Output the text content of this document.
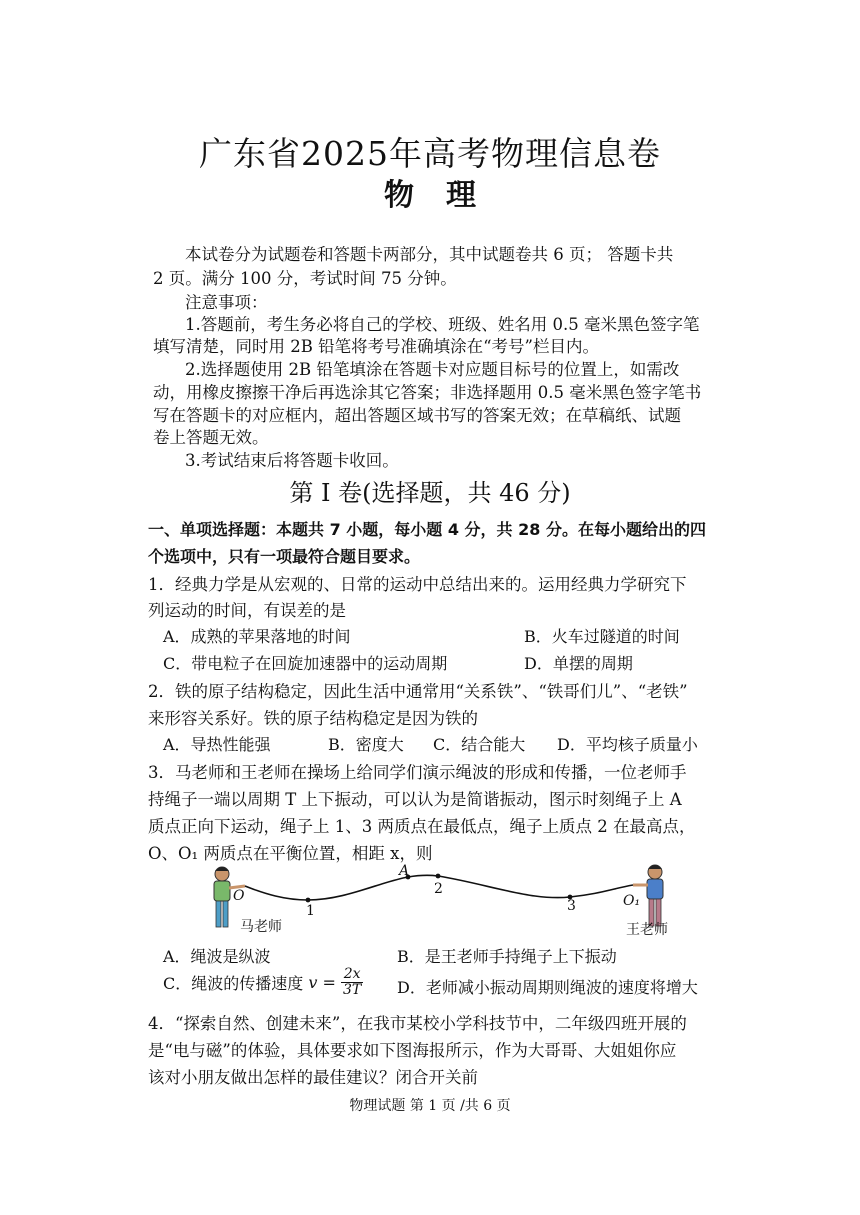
广东省2025年高考物理信息卷
物理
本试卷分为试题卷和答题卡两部分，其中试题卷共 6 页； 答题卡共
2 页。满分 100 分，考试时间 75 分钟。
注意事项：
1.答题前，考生务必将自己的学校、班级、姓名用 0.5 毫米黑色签字笔
填写清楚，同时用 2B 铅笔将考号准确填涂在“考号”栏目内。
2.选择题使用 2B 铅笔填涂在答题卡对应题目标号的位置上，如需改
动，用橡皮擦擦干净后再选涂其它答案；非选择题用 0.5 毫米黑色签字笔书
写在答题卡的对应框内，超出答题区域书写的答案无效；在草稿纸、试题
卷上答题无效。
3.考试结束后将答题卡收回。
第 I 卷(选择题，共 46 分)
一、单项选择题：本题共 7 小题，每小题 4 分，共 28 分。在每小题给出的四
个选项中，只有一项最符合题目要求。
1．经典力学是从宏观的、日常的运动中总结出来的。运用经典力学研究下
列运动的时间，有误差的是
A．成熟的苹果落地的时间	B．火车过隧道的时间
C．带电粒子在回旋加速器中的运动周期	D．单摆的周期
2．铁的原子结构稳定，因此生活中通常用“关系铁”、“铁哥们儿”、“老铁”
来形容关系好。铁的原子结构稳定是因为铁的
A．导热性能强	B．密度大 C．结合能大 D．平均核子质量小
3．马老师和王老师在操场上给同学们演示绳波的形成和传播，一位老师手
持绳子一端以周期 T 上下振动，可以认为是简谐振动，图示时刻绳子上 A
质点正向下运动，绳子上 1、3 两质点在最低点，绳子上质点 2 在最高点，
O、O₁ 两质点在平衡位置，相距 x，则
O
1
A
2
3	O₁
马老师	王老师
A．绳波是纵波	B．是王老师手持绳子上下振动
C．绳波的传播速度 $v = \frac{2x}{3T}$ D．老师减小振动周期则绳波的速度将增大
4．“探索自然、创建未来”，在我市某校小学科技节中，二年级四班开展的
是“电与磁”的体验，具体要求如下图海报所示，作为大哥哥、大姐姐你应
该对小朋友做出怎样的最佳建议？闭合开关前
物理试题 第 1 页 /共 6 页
